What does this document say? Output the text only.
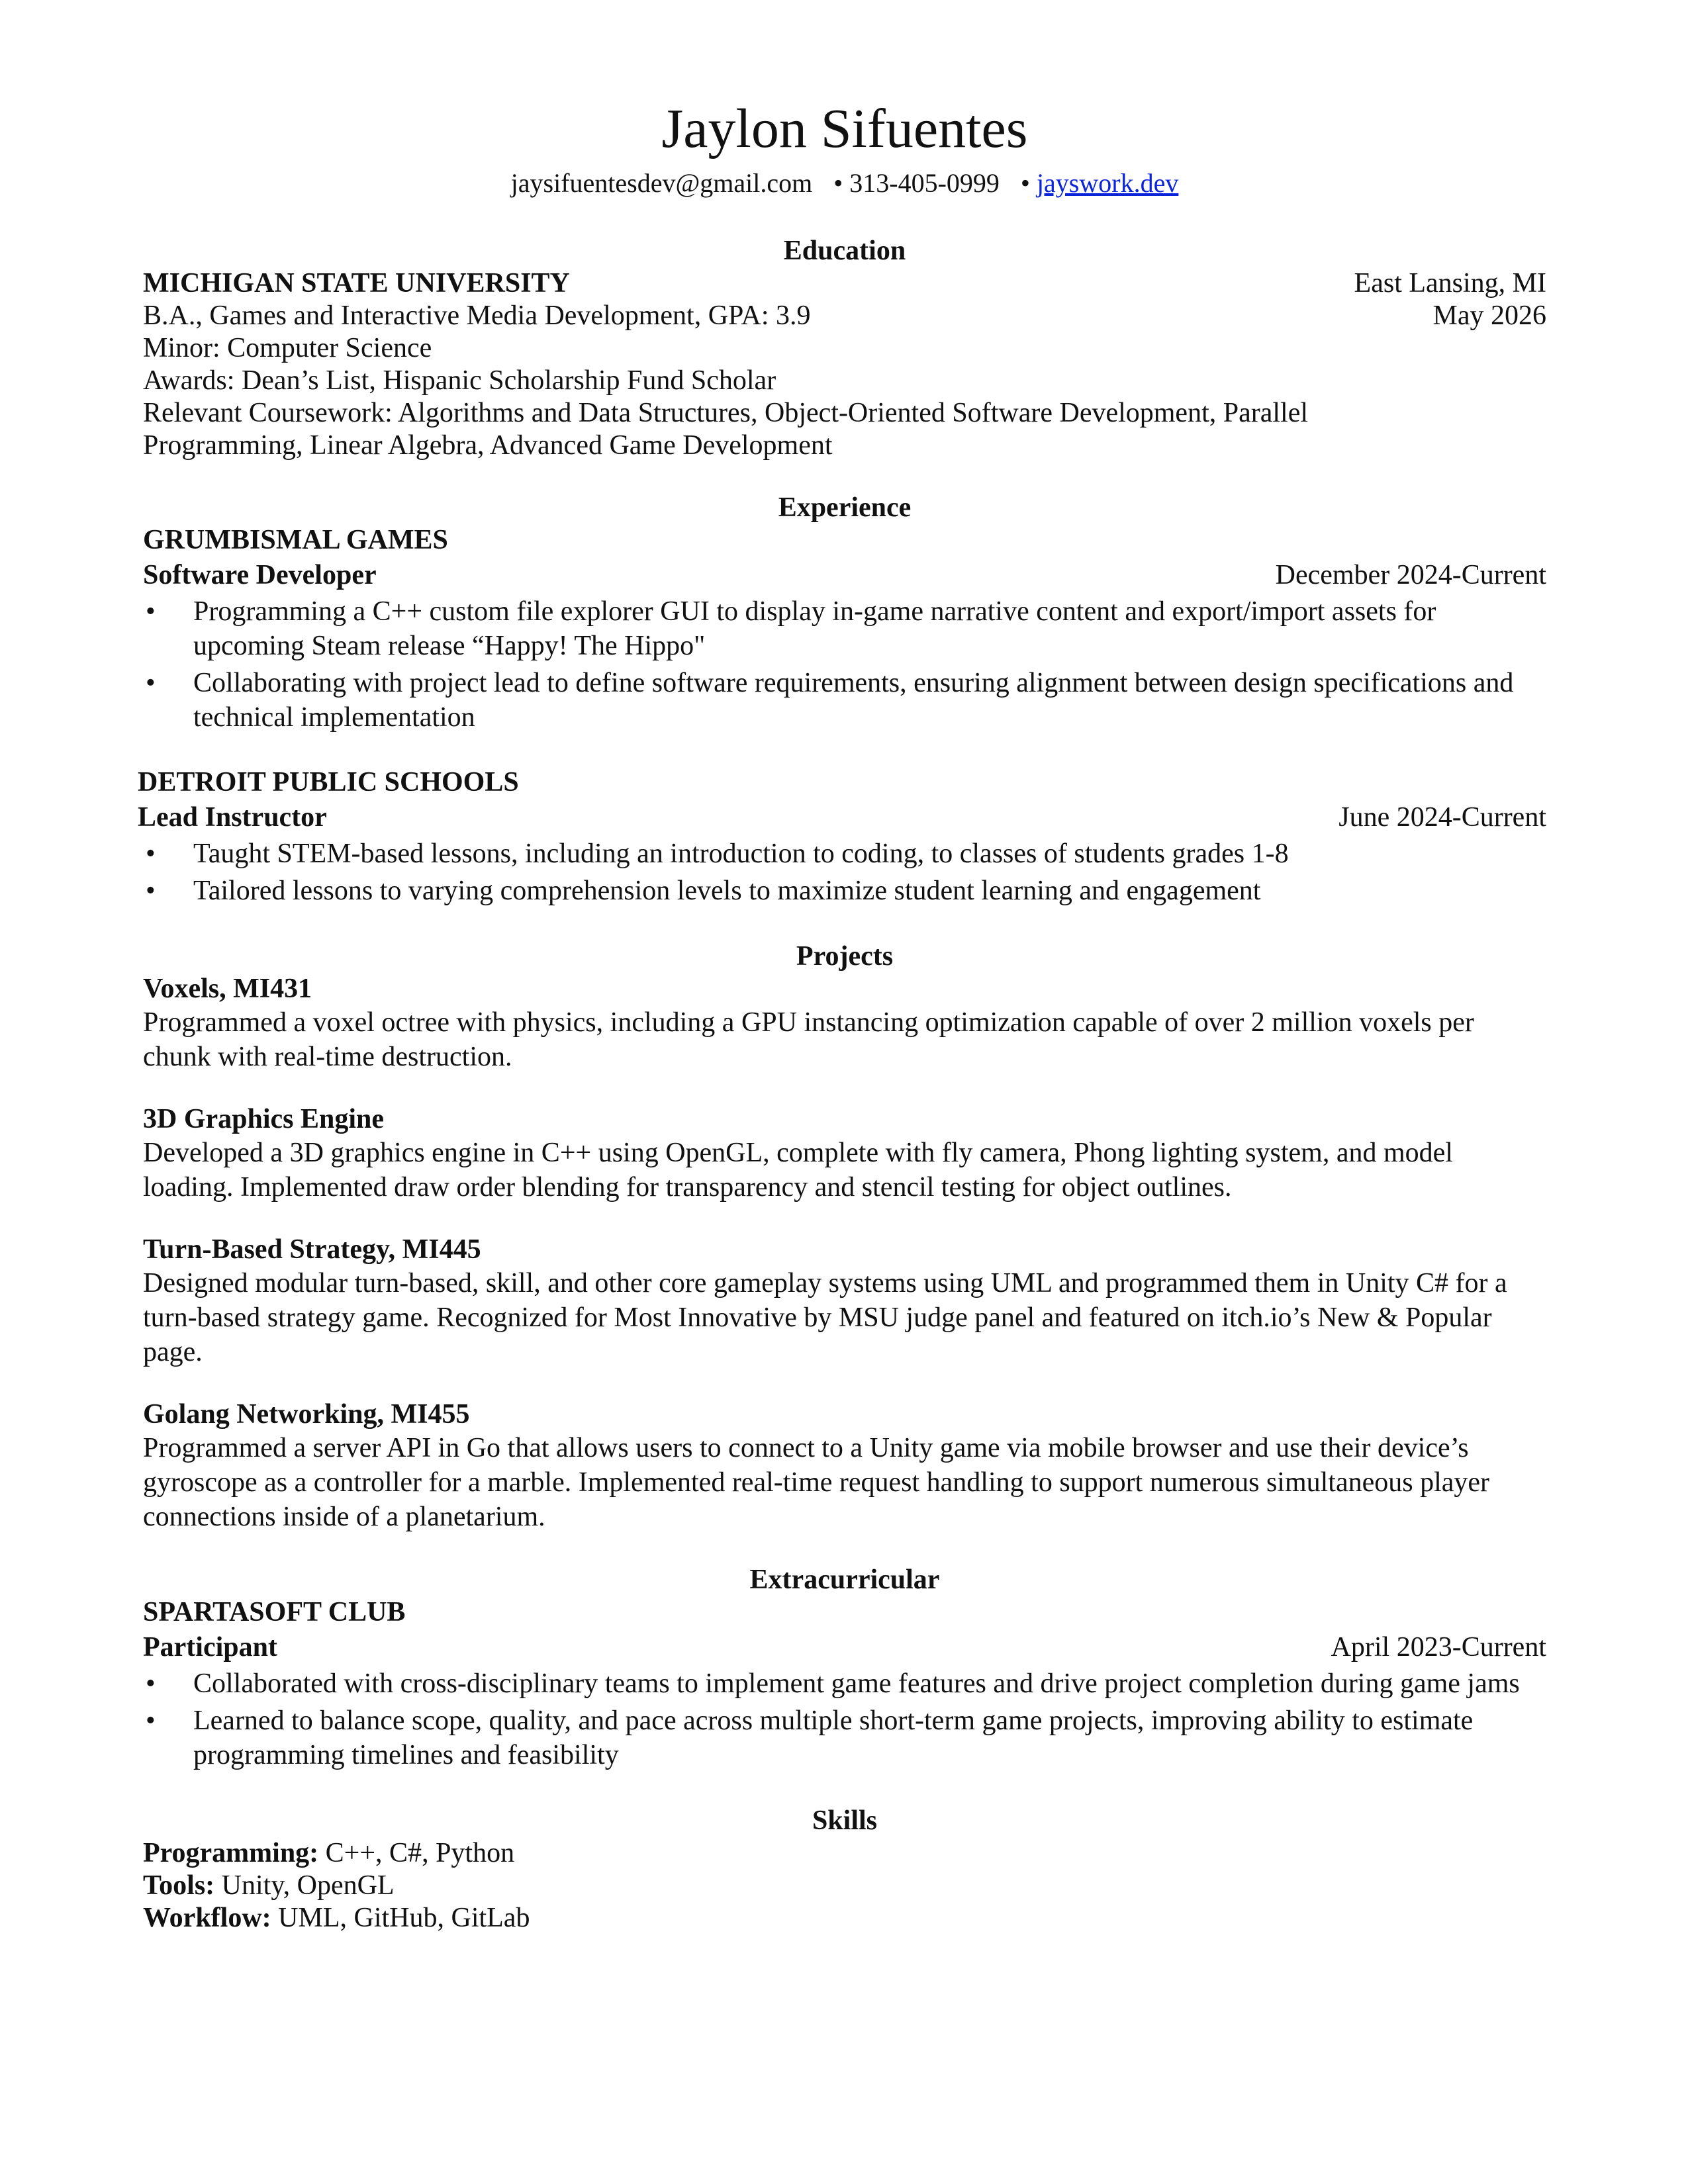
Jaylon Sifuentes

jaysifuentesdev@gmail.com • 313-405-0999 • jayswork.dev

Education
MICHIGAN STATE UNIVERSITY	East Lansing, MI
B.A., Games and Interactive Media Development, GPA: 3.9	May 2026

Minor: Computer Science

Awards: Dean’s List, Hispanic Scholarship Fund Scholar

Relevant Coursework: Algorithms and Data Structures, Object-Oriented Software Development, Parallel

Programming, Linear Algebra, Advanced Game Development

Experience

GRUMBISMAL GAMES

Software Developer	December 2024-Current
• Programming a C++ custom file explorer GUI to display in-game narrative content and export/import assets for upcoming Steam release “Happy! The Hippo"
• Collaborating with project lead to define software requirements, ensuring alignment between design specifications and technical implementation

DETROIT PUBLIC SCHOOLS

Lead Instructor	June 2024-Current
• Taught STEM-based lessons, including an introduction to coding, to classes of students grades 1-8
• Tailored lessons to varying comprehension levels to maximize student learning and engagement
Projects

Voxels, MI431

Programmed a voxel octree with physics, including a GPU instancing optimization capable of over 2 million voxels per chunk with real-time destruction.

3D Graphics Engine

Developed a 3D graphics engine in C++ using OpenGL, complete with fly camera, Phong lighting system, and model loading. Implemented draw order blending for transparency and stencil testing for object outlines.

Turn-Based Strategy, MI445

Designed modular turn-based, skill, and other core gameplay systems using UML and programmed them in Unity C# for a turn-based strategy game. Recognized for Most Innovative by MSU judge panel and featured on itch.io’s New & Popular page.

Golang Networking, MI455

Programmed a server API in Go that allows users to connect to a Unity game via mobile browser and use their device’s gyroscope as a controller for a marble. Implemented real-time request handling to support numerous simultaneous player connections inside of a planetarium.

Extracurricular

SPARTASOFT CLUB

Participant	April 2023-Current
• Collaborated with cross-disciplinary teams to implement game features and drive project completion during game jams
• Learned to balance scope, quality, and pace across multiple short-term game projects, improving ability to estimate programming timelines and feasibility
Skills

Programming: C++, C#, Python

Tools: Unity, OpenGL

Workflow: UML, GitHub, GitLab
